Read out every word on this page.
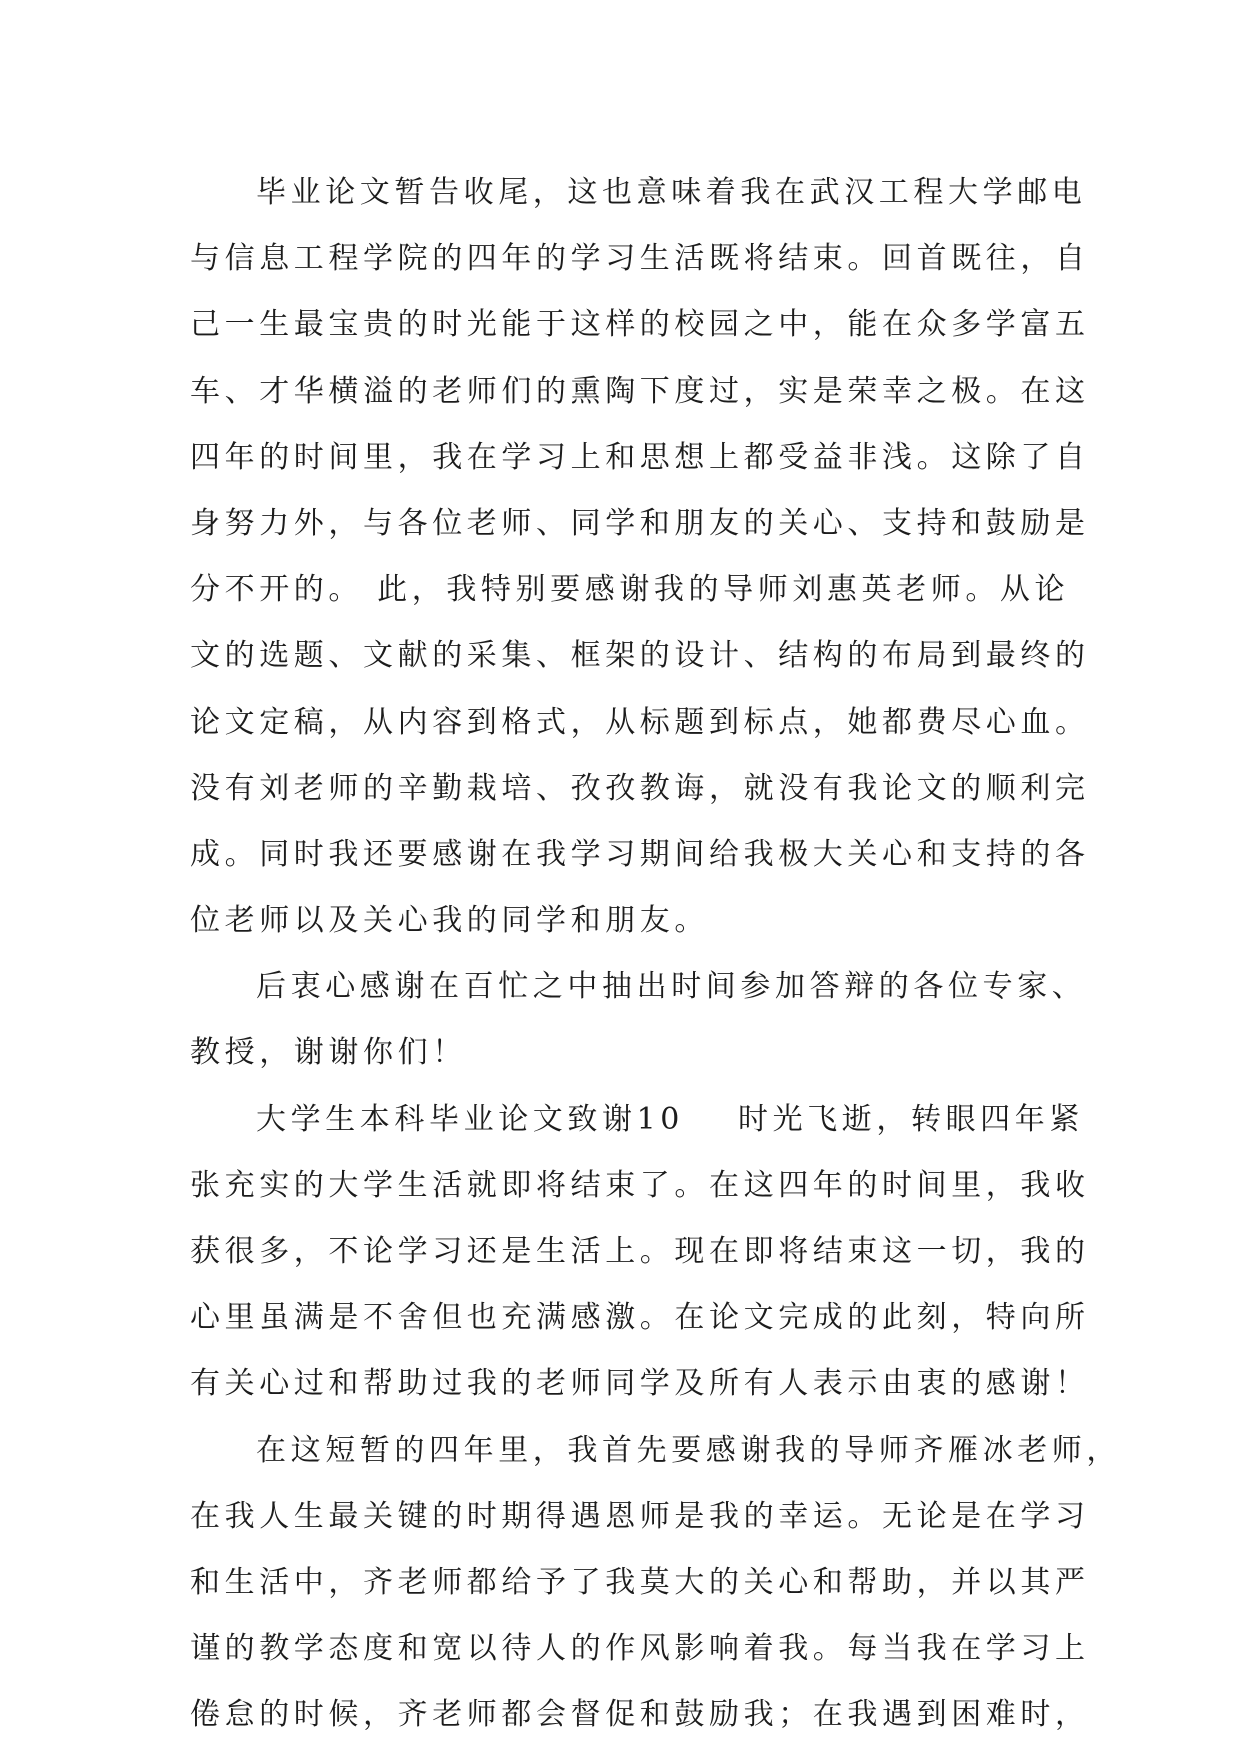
毕业论文暂告收尾，这也意味着我在武汉工程大学邮电
与信息工程学院的四年的学习生活既将结束。回首既往，自
己一生最宝贵的时光能于这样的校园之中，能在众多学富五
车、才华横溢的老师们的熏陶下度过，实是荣幸之极。在这
四年的时间里，我在学习上和思想上都受益非浅。这除了自
身努力外，与各位老师、同学和朋友的关心、支持和鼓励是
分不开的。 此，我特别要感谢我的导师刘惠英老师。从论
文的选题、文献的采集、框架的设计、结构的布局到最终的
论文定稿，从内容到格式，从标题到标点，她都费尽心血。
没有刘老师的辛勤栽培、孜孜教诲，就没有我论文的顺利完
成。同时我还要感谢在我学习期间给我极大关心和支持的各
位老师以及关心我的同学和朋友。
后衷心感谢在百忙之中抽出时间参加答辩的各位专家、
教授，谢谢你们！
大学生本科毕业论文致谢10 时光飞逝，转眼四年紧
张充实的大学生活就即将结束了。在这四年的时间里，我收
获很多，不论学习还是生活上。现在即将结束这一切，我的
心里虽满是不舍但也充满感激。在论文完成的此刻，特向所
有关心过和帮助过我的老师同学及所有人表示由衷的感谢！
在这短暂的四年里，我首先要感谢我的导师齐雁冰老师，
在我人生最关键的时期得遇恩师是我的幸运。无论是在学习
和生活中，齐老师都给予了我莫大的关心和帮助，并以其严
谨的教学态度和宽以待人的作风影响着我。每当我在学习上
倦怠的时候，齐老师都会督促和鼓励我；在我遇到困难时，
